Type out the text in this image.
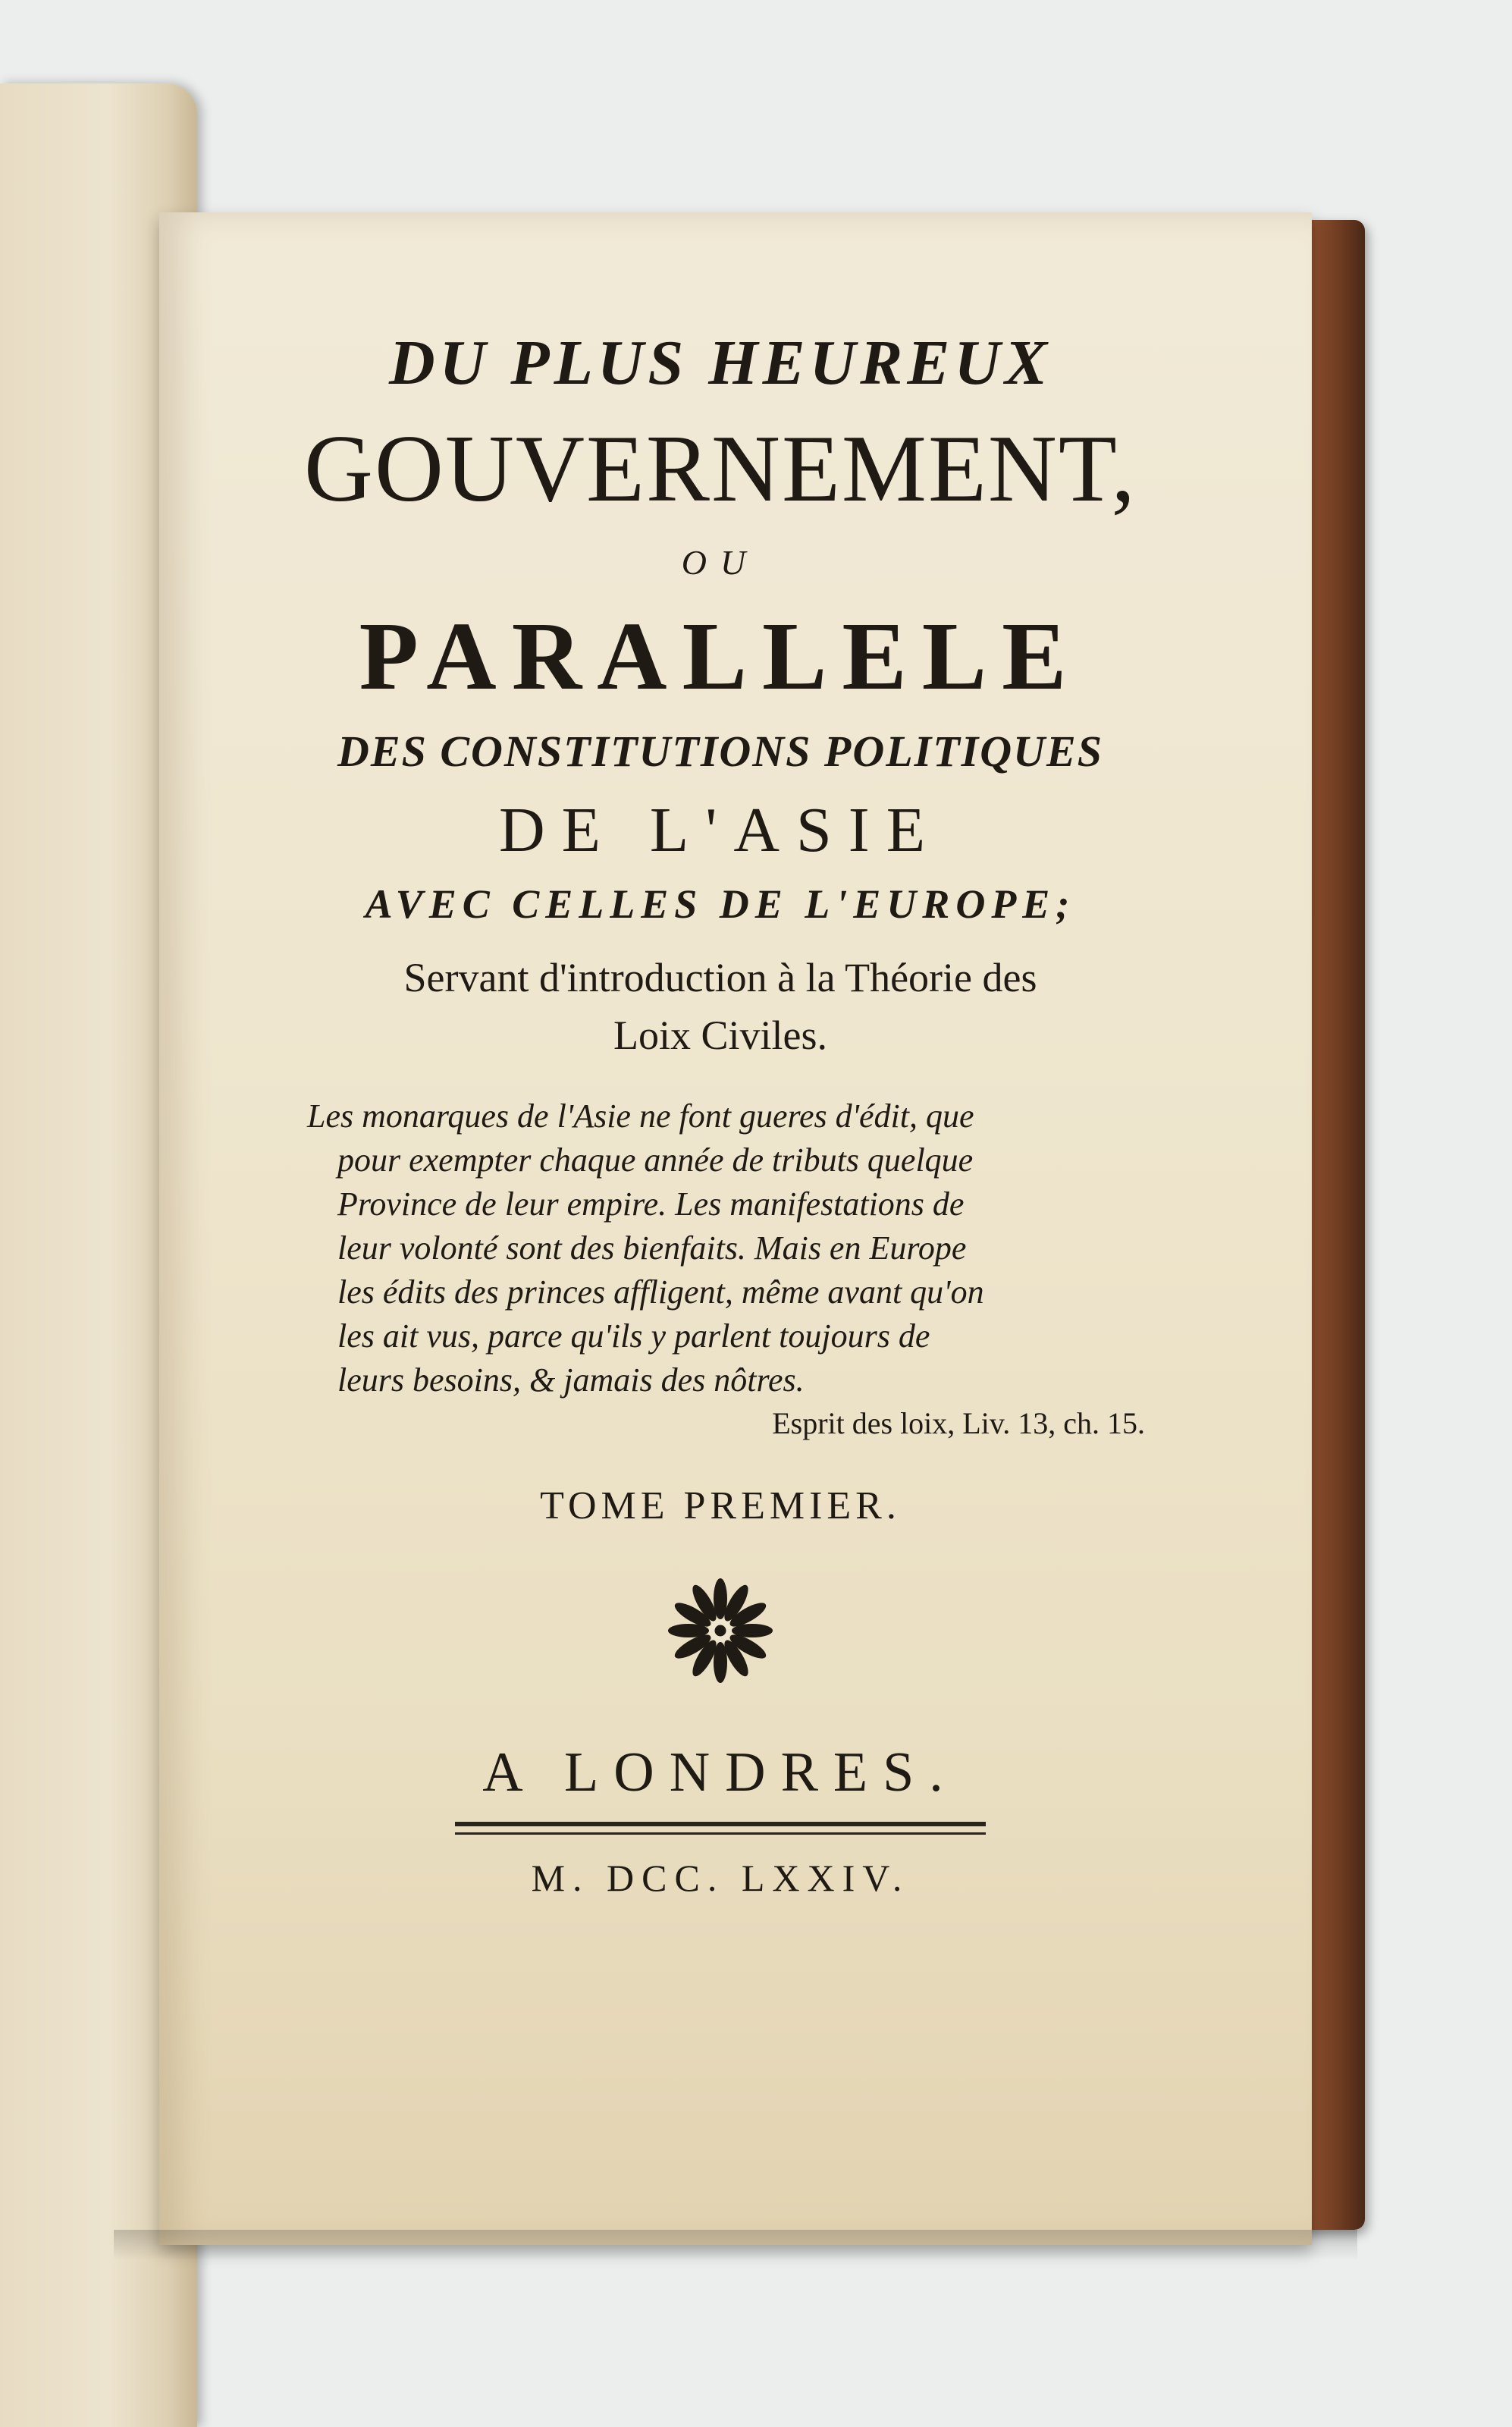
DU PLUS HEUREUX
GOUVERNEMENT,
OU
PARALLELE
DES CONSTITUTIONS POLITIQUES
DE L'ASIE
AVEC CELLES DE L'EUROPE;
Servant d'introduction à la Théorie des
Loix Civiles.
Les monarques de l'Asie ne font gueres d'édit, que
pour exempter chaque année de tributs quelque
Province de leur empire. Les manifestations de
leur volonté sont des bienfaits. Mais en Europe
les édits des princes affligent, même avant qu'on
les ait vus, parce qu'ils y parlent toujours de
leurs besoins, & jamais des nôtres.
Esprit des loix, Liv. 13, ch. 15.
TOME PREMIER.
A LONDRES.
M. DCC. LXXIV.
